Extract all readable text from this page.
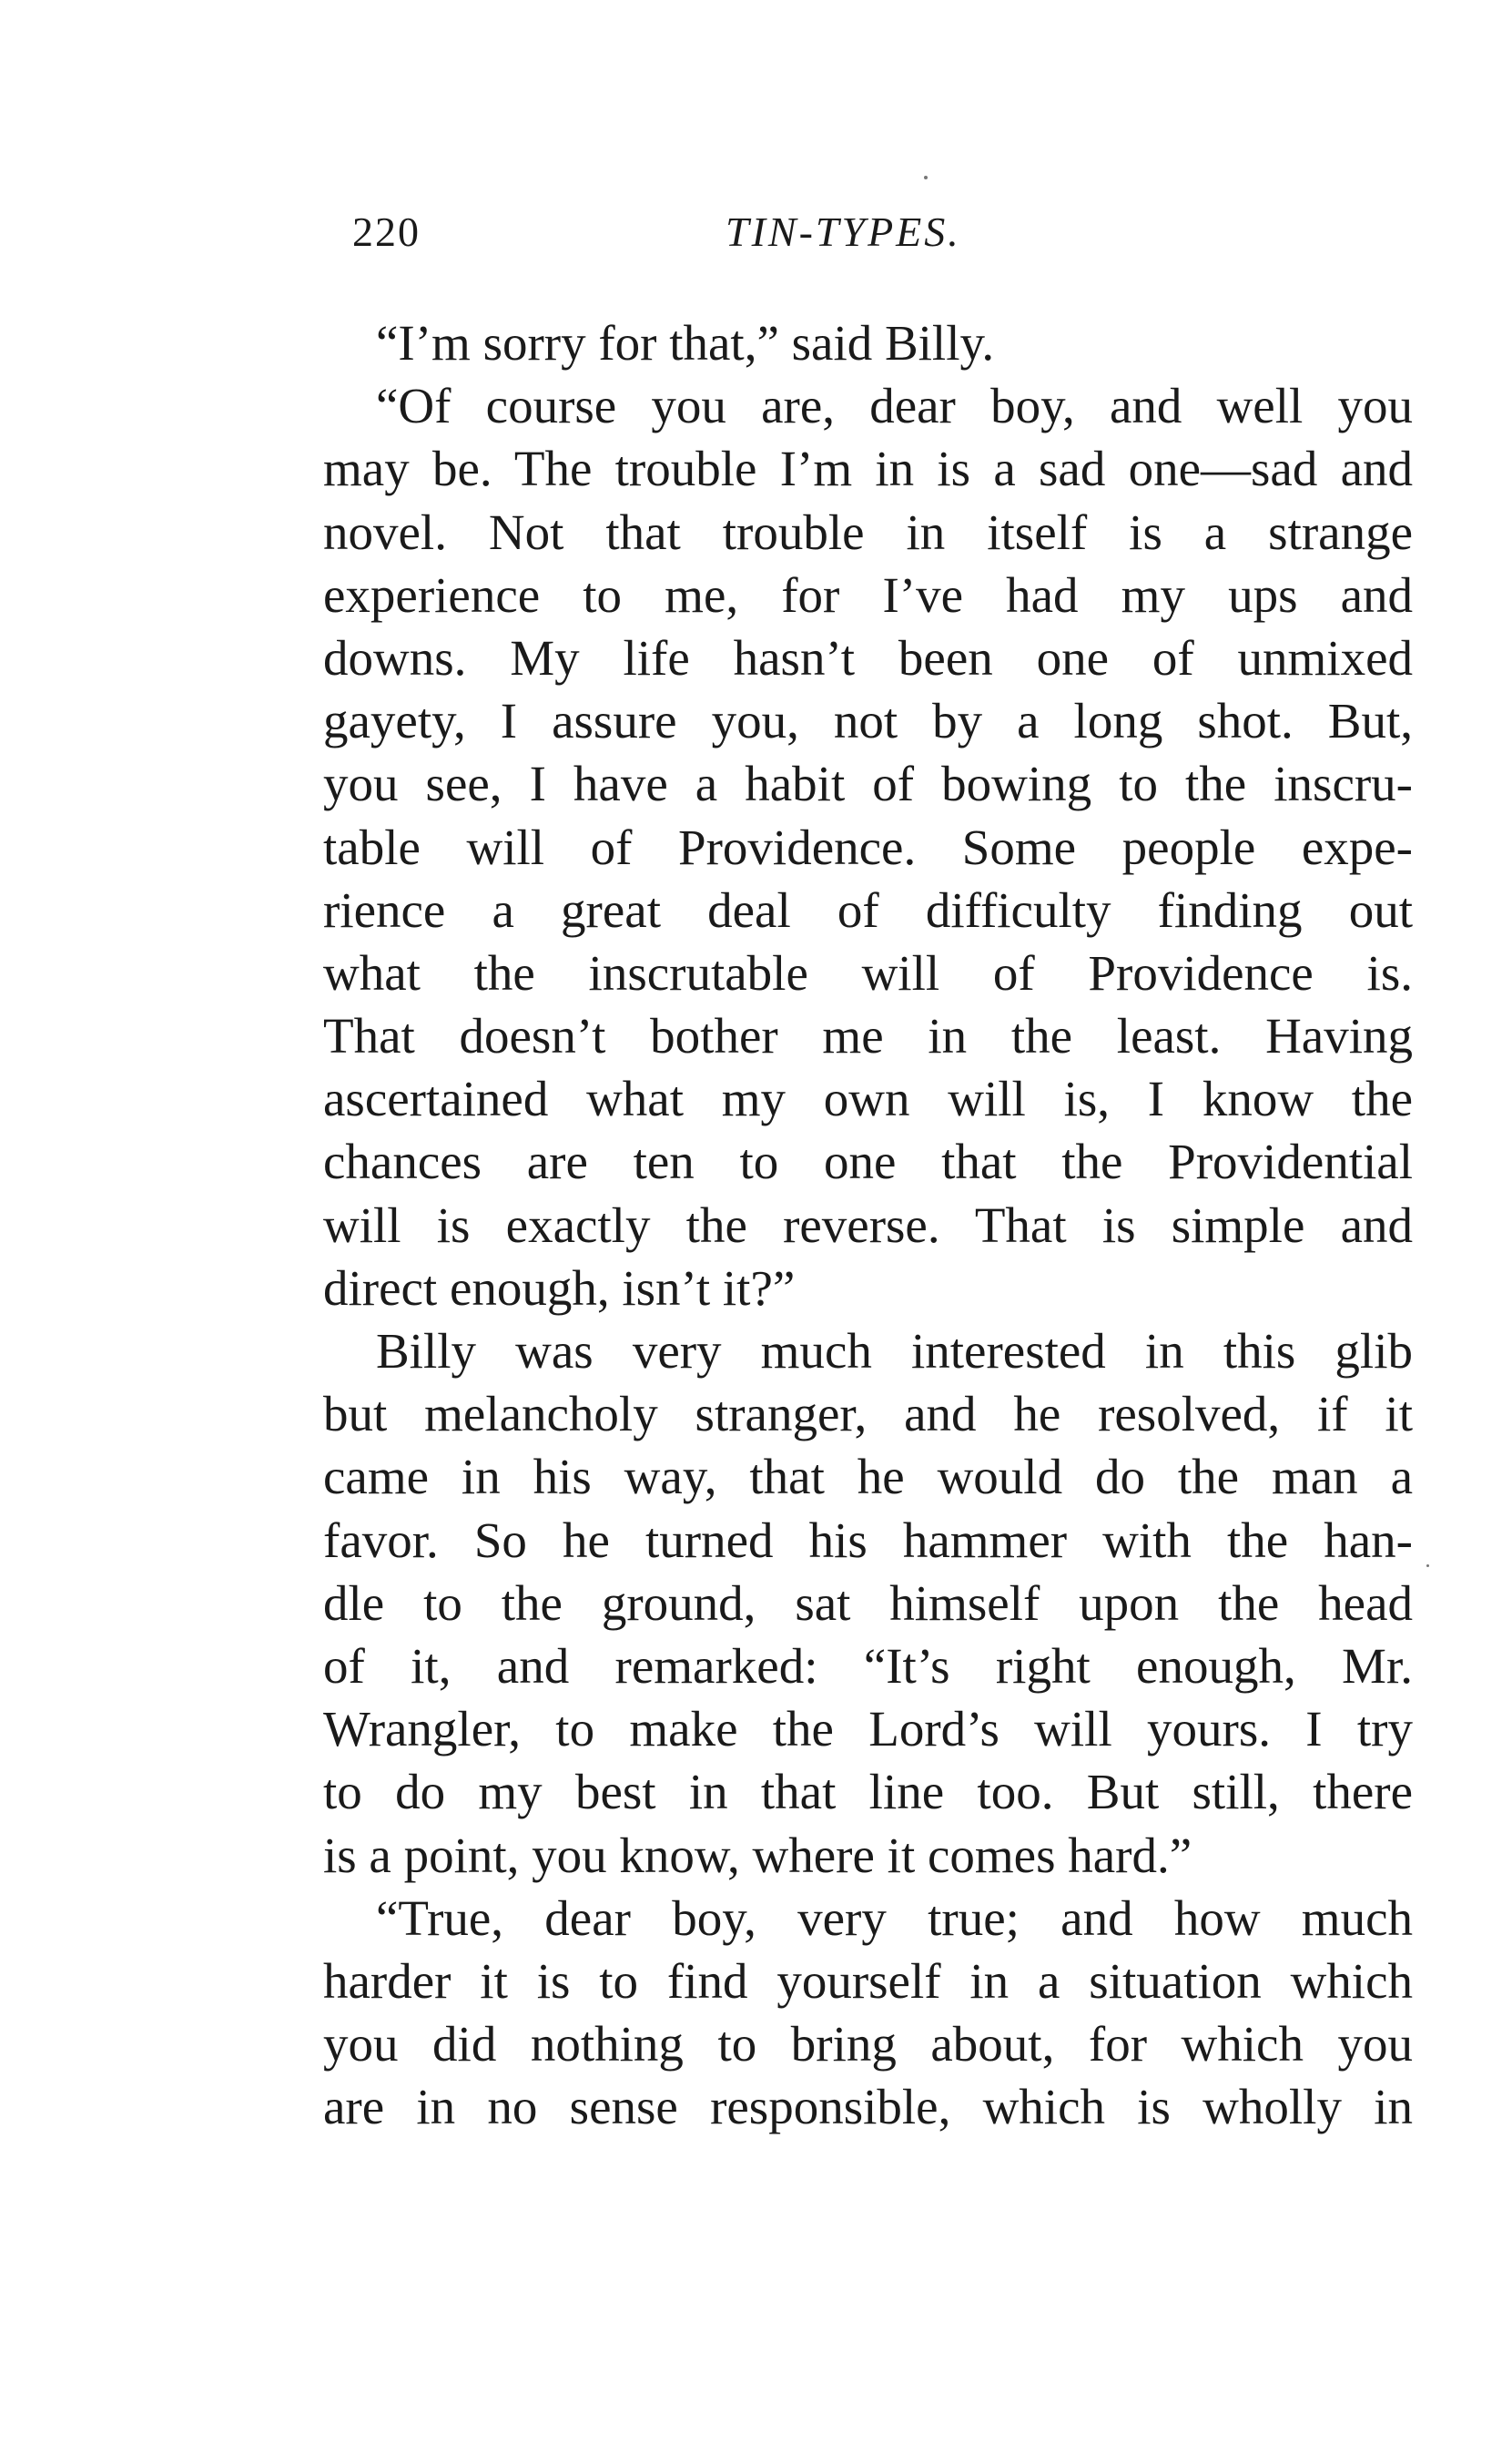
220	TIN-TYPES.
“I’m sorry for that,” said Billy.
“Of course you are, dear boy, and well you
may be. The trouble I’m in is a sad one—sad and
novel. Not that trouble in itself is a strange
experience to me, for I’ve had my ups and
downs. My life hasn’t been one of unmixed
gayety, I assure you, not by a long shot. But,
you see, I have a habit of bowing to the inscru-
table will of Providence. Some people expe-
rience a great deal of difficulty finding out
what the inscrutable will of Providence is.
That doesn’t bother me in the least. Having
ascertained what my own will is, I know the
chances are ten to one that the Providential
will is exactly the reverse. That is simple and
direct enough, isn’t it?”
Billy was very much interested in this glib
but melancholy stranger, and he resolved, if it
came in his way, that he would do the man a
favor. So he turned his hammer with the han-
dle to the ground, sat himself upon the head
of it, and remarked: “It’s right enough, Mr.
Wrangler, to make the Lord’s will yours. I try
to do my best in that line too. But still, there
is a point, you know, where it comes hard.”
“True, dear boy, very true; and how much
harder it is to find yourself in a situation which
you did nothing to bring about, for which you
are in no sense responsible, which is wholly in
